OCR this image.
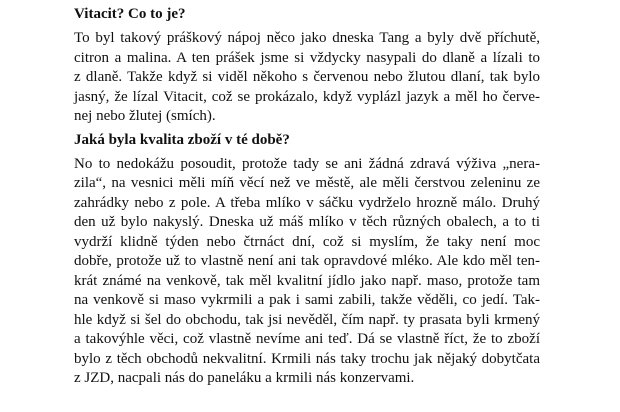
Vitacit? Co to je?
To byl takový práškový nápoj něco jako dneska Tang a byly dvě příchutě,
citron a malina. A ten prášek jsme si vždycky nasypali do dlaně a lízali to
z dlaně. Takže když si viděl někoho s červenou nebo žlutou dlaní, tak bylo
jasný, že lízal Vitacit, což se prokázalo, když vyplázl jazyk a měl ho červe-
nej nebo žlutej (smích).
Jaká byla kvalita zboží v té době?
No to nedokážu posoudit, protože tady se ani žádná zdravá výživa „nera-
zila“, na vesnici měli míň věcí než ve městě, ale měli čerstvou zeleninu ze
zahrádky nebo z pole. A třeba mlíko v sáčku vydrželo hrozně málo. Druhý
den už bylo nakyslý. Dneska už máš mlíko v těch různých obalech, a to ti
vydrží klidně týden nebo čtrnáct dní, což si myslím, že taky není moc
dobře, protože už to vlastně není ani tak opravdové mléko. Ale kdo měl ten-
krát známé na venkově, tak měl kvalitní jídlo jako např. maso, protože tam
na venkově si maso vykrmili a pak i sami zabili, takže věděli, co jedí. Tak-
hle když si šel do obchodu, tak jsi nevěděl, čím např. ty prasata byli krmený
a takovýhle věci, což vlastně nevíme ani teď. Dá se vlastně říct, že to zboží
bylo z těch obchodů nekvalitní. Krmili nás taky trochu jak nějaký dobytčata
z JZD, nacpali nás do paneláku a krmili nás konzervami.
